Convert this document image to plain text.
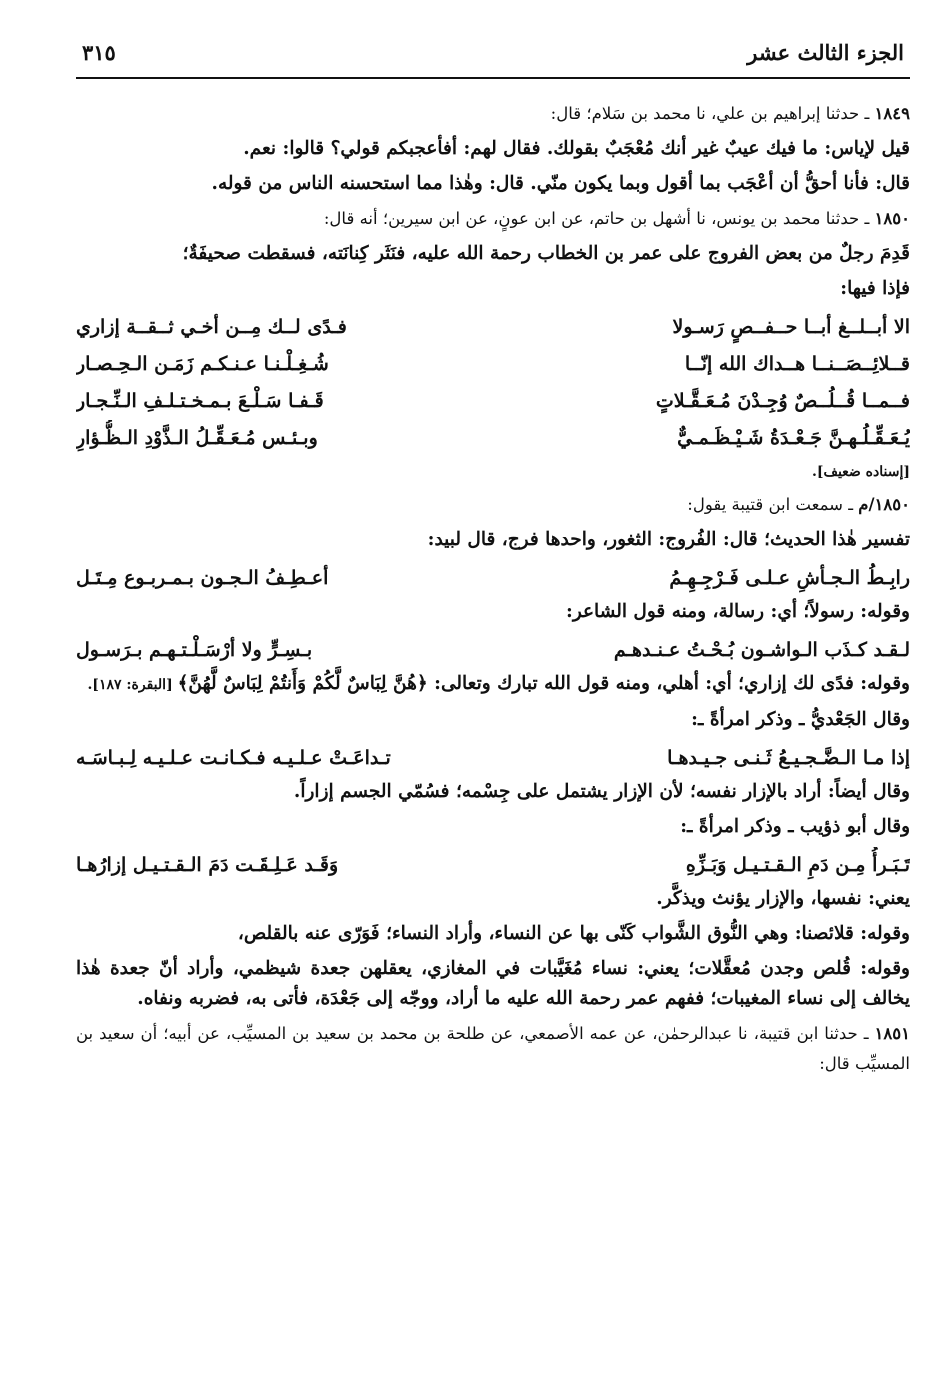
الجزء الثالث عشر
٣١٥

١٨٤٩ ـ حدثنا إبراهيم بن علي، نا محمد بن سَلام؛ قال:

قيل لإياس: ما فيك عيبٌ غير أنك مُعْجَبٌ بقولك. فقال لهم: أفأعجبكم قولي؟ قالوا: نعم.

قال: فأنا أحقُّ أن أعْجَب بما أقول وبما يكون منّي. قال: وهٰذا مما استحسنه الناس من قوله.

١٨٥٠ ـ حدثنا محمد بن يونس، نا أشهل بن حاتم، عن ابن عونٍ، عن ابن سيرين؛ أنه قال:

قَدِمَ رجلٌ من بعض الفروج على عمر بن الخطاب رحمة الله عليه، فنَثَر كِنانَته، فسقطت صحيفَةٌ؛

فإذا فيها:

الا أبــلــغ أبــا حــفــصٍ رَسـولا
فـدًى لــك مِــن أخـي ثــقــة إزاري
قــلائِــصَــنــا هــداك الله إنّــا
شُـغِـلْـنـا عـنـكـم زَمَـن الـحِـصـار
فــمــا قُــلُــصٌ وُجِـدْنَ مُـعَـقَّـلاتٍ
قَـفـا سَـلْـعَ بـمـخـتـلـفِ الـنِّـجـار
يُـعَـقِّـلُـهـنَّ جَـعْـدَةُ شَـيْـظَـمـيٌّ
وبـئـس مُـعَـقِّـلُ الـذَّوْدِ الـظُّـؤارِ

[إسناده ضعيف].

١٨٥٠/م ـ سمعت ابن قتيبة يقول:

تفسير هٰذا الحديث؛ قال: الفُروج: الثغور، واحدها فرج، قال لبيد:

رابِـطُ الـجـأشِ عـلـى فَـرْجِـهِـمُ
أعـطِـفُ الـجـون بـمـربـوع مِـتَـل

وقوله: رسولاً؛ أي: رسالة، ومنه قول الشاعر:

لـقـد كـذَب الـواشـون بُـحْـتُ عـنـدهـم
بـسِـرٍّ ولا أرْسَـلْـتـهـم بـرَسـول

وقوله: فدًى لك إزاري؛ أي: أهلي، ومنه قول الله تبارك وتعالى: ﴿هُنَّ لِبَاسٌ لَّكُمْ وَأَنتُمْ لِبَاسٌ لَّهُنَّ﴾ [البقرة: ١٨٧].

وقال الجَعْديُّ ـ وذكر امرأةً ـ:

إذا مـا الـضَّـجـيـعُ ثَـنـى جـيـدهـا
تـداعَـتْ عـلـيـه فـكـانـت عـلـيـه لِـبـاسَـه

وقال أيضاً: أراد بالإزار نفسه؛ لأن الإزار يشتمل على جِسْمه؛ فسُمّي الجسم إزاراً.

وقال أبو ذؤيب ـ وذكر امرأةً ـ:

تَـبَـرأُ مِـن دَمِ الـقـتـيـل وَبَـزِّهِ
وَقَـد عَـلِـقَـت دَمَ الـقـتـيـل إزارُهـا

يعني: نفسها، والإزار يؤنث ويذكَّر.

وقوله: قلائصنا: وهي النُّوق الشَّواب كَنّى بها عن النساء، وأراد النساء؛ فَوَرّى عنه بالقلص،

وقوله: قُلص وجدن مُعقَّلات؛ يعني: نساء مُغَيَّبات في المغازي، يعقلهن جعدة شيظمي، وأراد أنّ جعدة هٰذا يخالف إلى نساء المغيبات؛ ففهم عمر رحمة الله عليه ما أراد، ووجّه إلى جَعْدَة، فأتى به، فضربه ونفاه.

١٨٥١ ـ حدثنا ابن قتيبة، نا عبدالرحمٰن، عن عمه الأصمعي، عن طلحة بن محمد بن سعيد بن المسيِّب، عن أبيه؛ أن سعيد بن المسيِّب قال:
